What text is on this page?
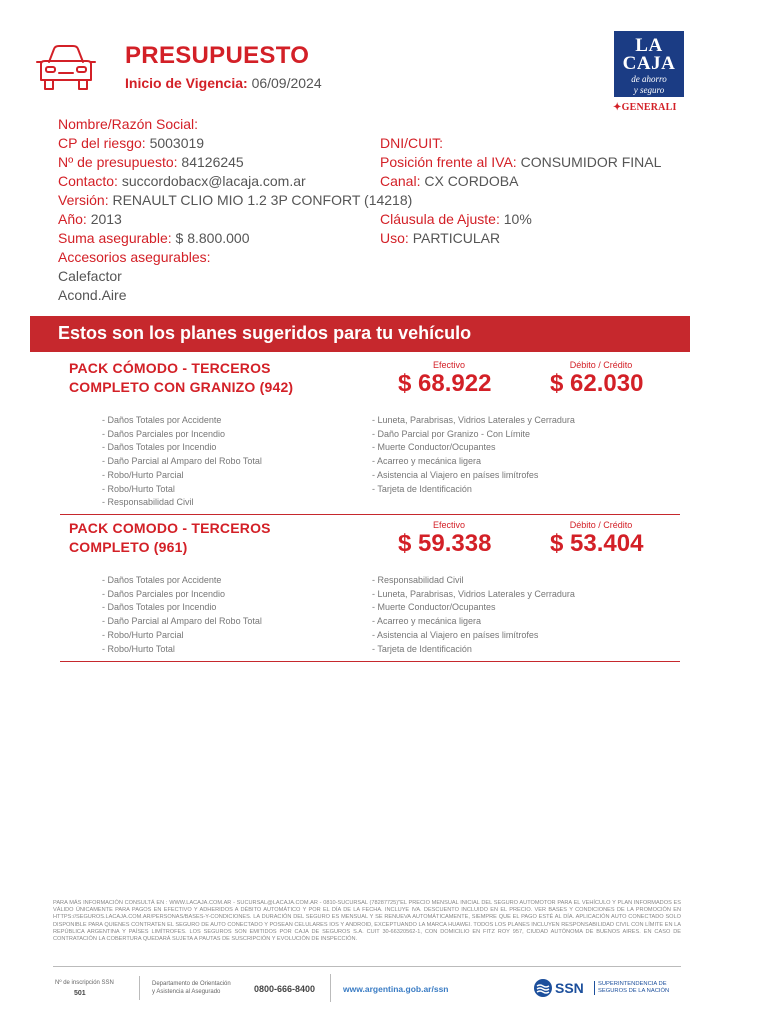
PRESUPUESTO
Inicio de Vigencia: 06/09/2024
LA
CAJA
de ahorro
y seguro
✦GENERALI
Nombre/Razón Social:
CP del riesgo: 5003019
Nº de presupuesto: 84126245
Contacto: succordobacx@lacaja.com.ar
Versión: RENAULT CLIO MIO 1.2 3P CONFORT (14218)
Año: 2013
Suma asegurable: $ 8.800.000
Accesorios asegurables:
Calefactor
Acond.Aire
DNI/CUIT:
Posición frente al IVA: CONSUMIDOR FINAL
Canal: CX CORDOBA
Cláusula de Ajuste: 10%
Uso: PARTICULAR
Estos son los planes sugeridos para tu vehículo
PACK CÓMODO - TERCEROS
COMPLETO CON GRANIZO (942)
Efectivo
$ 68.922
Débito / Crédito
$ 62.030
- Daños Totales por Accidente
- Daños Parciales por Incendio
- Daños Totales por Incendio
- Daño Parcial al Amparo del Robo Total
- Robo/Hurto Parcial
- Robo/Hurto Total
- Responsabilidad Civil
- Luneta, Parabrisas, Vidrios Laterales y Cerradura
- Daño Parcial por Granizo - Con Límite
- Muerte Conductor/Ocupantes
- Acarreo y mecánica ligera
- Asistencia al Viajero en países limítrofes
- Tarjeta de Identificación
PACK COMODO - TERCEROS
COMPLETO (961)
Efectivo
$ 59.338
Débito / Crédito
$ 53.404
- Daños Totales por Accidente
- Daños Parciales por Incendio
- Daños Totales por Incendio
- Daño Parcial al Amparo del Robo Total
- Robo/Hurto Parcial
- Robo/Hurto Total
- Responsabilidad Civil
- Luneta, Parabrisas, Vidrios Laterales y Cerradura
- Muerte Conductor/Ocupantes
- Acarreo y mecánica ligera
- Asistencia al Viajero en países limítrofes
- Tarjeta de Identificación
PARA MÁS INFORMACIÓN CONSULTÁ EN : WWW.LACAJA.COM.AR - SUCURSAL@LACAJA.COM.AR - 0810-SUCURSAL (78287725)"EL PRECIO MENSUAL INICIAL DEL SEGURO AUTOMOTOR PARA EL VEHÍCULO Y PLAN INFORMADOS ES VÁLIDO ÚNICAMENTE PARA PAGOS EN EFECTIVO Y ADHERIDOS A DÉBITO AUTOMÁTICO Y POR EL DÍA DE LA FECHA. INCLUYE IVA. DESCUENTO INCLUIDO EN EL PRECIO. VER BASES Y CONDICIONES DE LA PROMOCIÓN EN HTTPS://SEGUROS.LACAJA.COM.AR/PERSONAS/BASES-Y-CONDICIONES. LA DURACIÓN DEL SEGURO ES MENSUAL Y SE RENUEVA AUTOMÁTICAMENTE, SIEMPRE QUE EL PAGO ESTÉ AL DÍA. APLICACIÓN AUTO CONECTADO SOLO DISPONIBLE PARA QUIENES CONTRATEN EL SEGURO DE AUTO CONECTADO Y POSEAN CELULARES IOS Y ANDROID, EXCEPTUANDO LA MARCA HUAWEI. TODOS LOS PLANES INCLUYEN RESPONSABILIDAD CIVIL CON LÍMITE EN LA REPÚBLICA ARGENTINA Y PAÍSES LIMÍTROFES. LOS SEGUROS SON EMITIDOS POR CAJA DE SEGUROS S.A. CUIT 30-66320562-1, CON DOMICILIO EN FITZ ROY 957, CIUDAD AUTÓNOMA DE BUENOS AIRES. EN CASO DE CONTRATACIÓN LA COBERTURA QUEDARÁ SUJETA A PAUTAS DE SUSCRIPCIÓN Y EVOLUCIÓN DE INSPECCIÓN.
Nº de inscripción SSN
501
Departamento de Orientación
y Asistencia al Asegurado	0800-666-8400	www.argentina.gob.ar/ssn	SSN SUPERINTENDENCIA DE
SEGUROS DE LA NACIÓN
